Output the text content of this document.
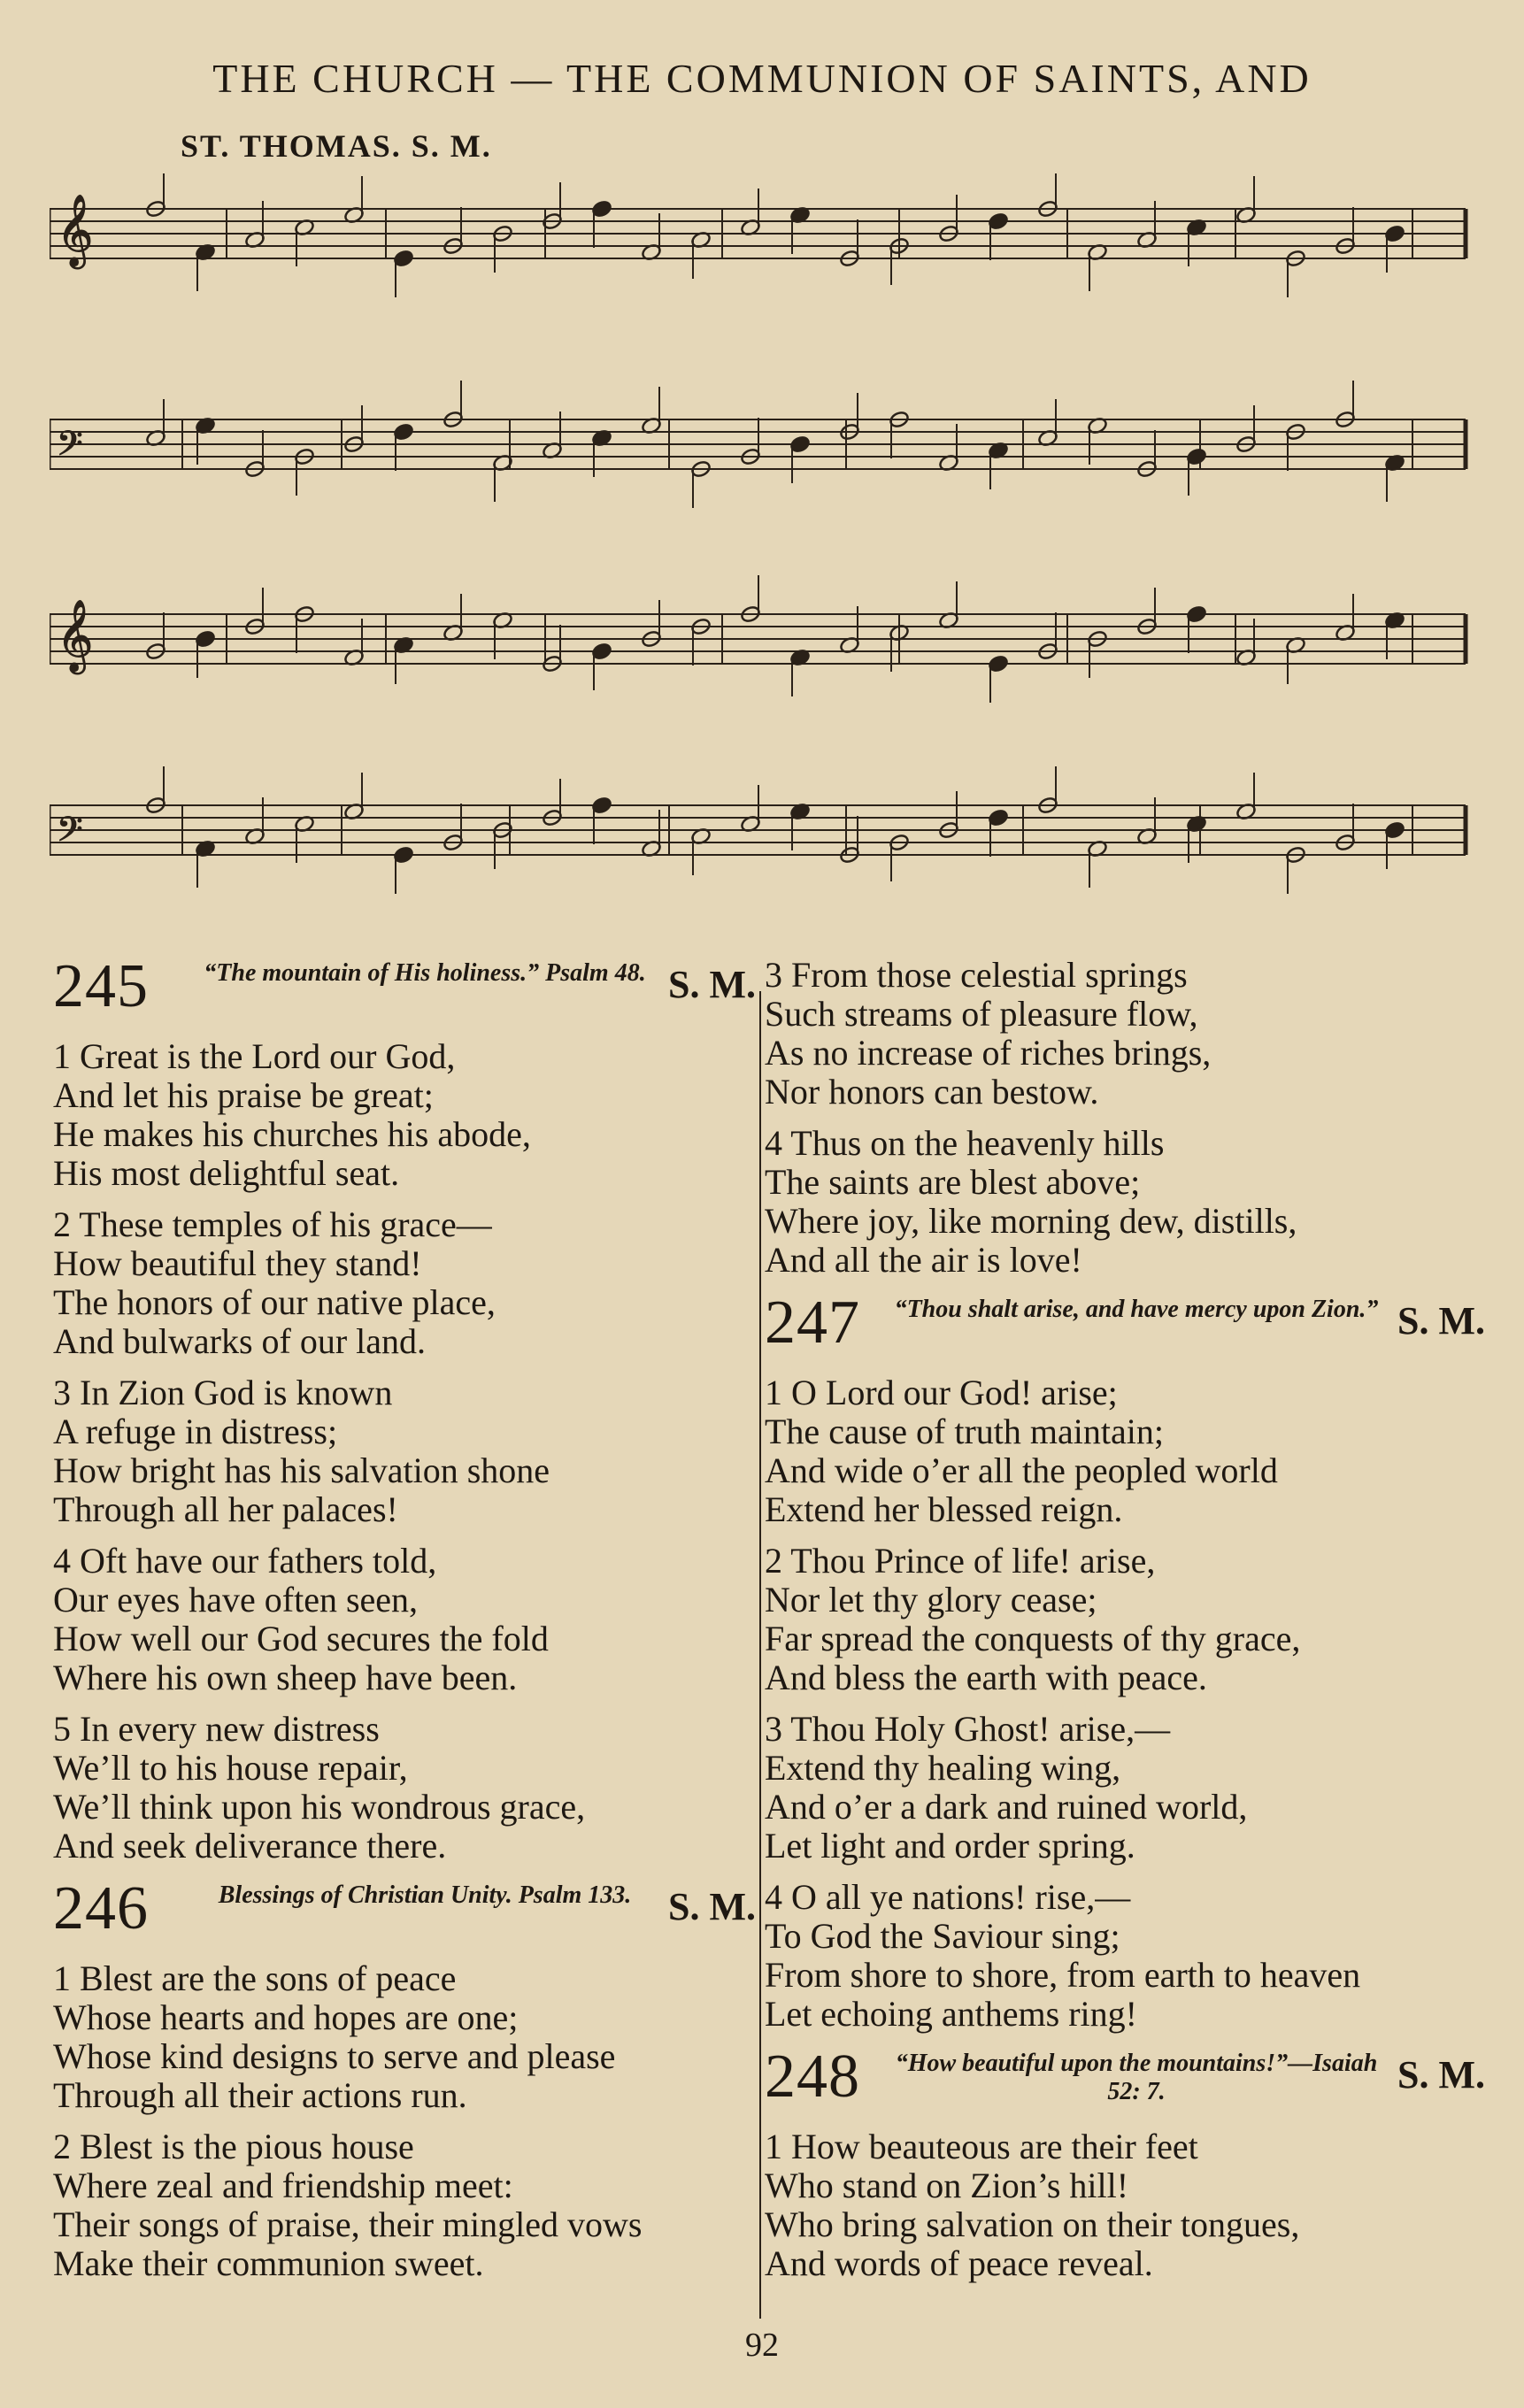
THE CHURCH — THE COMMUNION OF SAINTS, AND
ST. THOMAS. S. M.
𝄞
𝄢
𝄞
𝄢
245	“The mountain of His holiness.” Psalm 48. S. M.
1 Great is the Lord our God,
And let his praise be great;
He makes his churches his abode,
His most delightful seat.
2 These temples of his grace—
How beautiful they stand!
The honors of our native place,
And bulwarks of our land.
3 In Zion God is known
A refuge in distress;
How bright has his salvation shone
Through all her palaces!
4 Oft have our fathers told,
Our eyes have often seen,
How well our God secures the fold
Where his own sheep have been.
5 In every new distress
We’ll to his house repair,
We’ll think upon his wondrous grace,
And seek deliverance there.
246	Blessings of Christian Unity. Psalm 133. S. M.
1 Blest are the sons of peace
Whose hearts and hopes are one;
Whose kind designs to serve and please
Through all their actions run.
2 Blest is the pious house
Where zeal and friendship meet:
Their songs of praise, their mingled vows
Make their communion sweet.
3 From those celestial springs
Such streams of pleasure flow,
As no increase of riches brings,
Nor honors can bestow.
4 Thus on the heavenly hills
The saints are blest above;
Where joy, like morning dew, distills,
And all the air is love!
247 “Thou shalt arise, and have mercy upon Zion.” S. M.
1 O Lord our God! arise;
The cause of truth maintain;
And wide o’er all the peopled world
Extend her blessed reign.
2 Thou Prince of life! arise,
Nor let thy glory cease;
Far spread the conquests of thy grace,
And bless the earth with peace.
3 Thou Holy Ghost! arise,—
Extend thy healing wing,
And o’er a dark and ruined world,
Let light and order spring.
4 O all ye nations! rise,—
To God the Saviour sing;
From shore to shore, from earth to heaven
Let echoing anthems ring!
248 “How beautiful upon the mountains!”—Isaiah 52: 7.	S. M.
1 How beauteous are their feet
Who stand on Zion’s hill!
Who bring salvation on their tongues,
And words of peace reveal.
92
